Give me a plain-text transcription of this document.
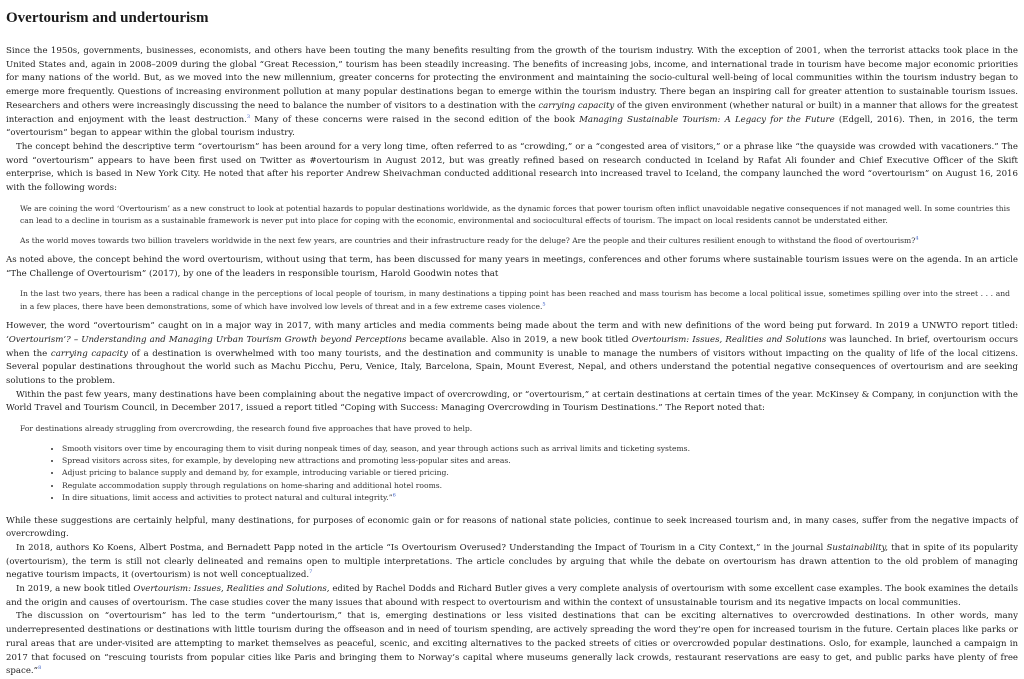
Overtourism and undertourism

Since the 1950s, governments, businesses, economists, and others have been touting the many benefits resulting from the growth of the tourism industry. With the exception of 2001, when the terrorist attacks took place in the United States and, again in 2008–2009 during the global “Great Recession,” tourism has been steadily increasing. The benefits of increasing jobs, income, and international trade in tourism have become major economic priorities for many nations of the world. But, as we moved into the new millennium, greater concerns for protecting the environment and maintaining the socio-cultural well-being of local communities within the tourism industry began to emerge more frequently. Questions of increasing environment pollution at many popular destinations began to emerge within the tourism industry. There began an inspiring call for greater attention to sustainable tourism issues. Researchers and others were increasingly discussing the need to balance the number of visitors to a destination with the carrying capacity of the given environment (whether natural or built) in a manner that allows for the greatest interaction and enjoyment with the least destruction.$^3$ Many of these concerns were raised in the second edition of the book Managing Sustainable Tourism: A Legacy for the Future (Edgell, 2016). Then, in 2016, the term “overtourism” began to appear within the global tourism industry.

The concept behind the descriptive term “overtourism” has been around for a very long time, often referred to as “crowding,” or a “congested area of visitors,” or a phrase like “the quayside was crowded with vacationers.” The word “overtourism” appears to have been first used on Twitter as #overtourism in August 2012, but was greatly refined based on research conducted in Iceland by Rafat Ali founder and Chief Executive Officer of the Skift enterprise, which is based in New York City. He noted that after his reporter Andrew Sheivachman conducted additional research into increased travel to Iceland, the company launched the word “overtourism” on August 16, 2016 with the following words:

We are coining the word ‘Overtourism’ as a new construct to look at potential hazards to popular destinations worldwide, as the dynamic forces that power tourism often inflict unavoidable negative consequences if not managed well. In some countries this can lead to a decline in tourism as a sustainable framework is never put into place for coping with the economic, environmental and sociocultural effects of tourism. The impact on local residents cannot be understated either.
As the world moves towards two billion travelers worldwide in the next few years, are countries and their infrastructure ready for the deluge? Are the people and their cultures resilient enough to withstand the flood of overtourism?$^4$

As noted above, the concept behind the word overtourism, without using that term, has been discussed for many years in meetings, conferences and other forums where sustainable tourism issues were on the agenda. In an article “The Challenge of Overtourism” (2017), by one of the leaders in responsible tourism, Harold Goodwin notes that

In the last two years, there has been a radical change in the perceptions of local people of tourism, in many destinations a tipping point has been reached and mass tourism has become a local political issue, sometimes spilling over into the street . . . and in a few places, there have been demonstrations, some of which have involved low levels of threat and in a few extreme cases violence.$^5$

However, the word “overtourism” caught on in a major way in 2017, with many articles and media comments being made about the term and with new definitions of the word being put forward. In 2019 a UNWTO report titled: ‘Overtourism’? – Understanding and Managing Urban Tourism Growth beyond Perceptions became available. Also in 2019, a new book titled Overtourism: Issues, Realities and Solutions was launched. In brief, overtourism occurs when the carrying capacity of a destination is overwhelmed with too many tourists, and the destination and community is unable to manage the numbers of visitors without impacting on the quality of life of the local citizens. Several popular destinations throughout the world such as Machu Picchu, Peru, Venice, Italy, Barcelona, Spain, Mount Everest, Nepal, and others understand the potential negative consequences of overtourism and are seeking solutions to the problem.

Within the past few years, many destinations have been complaining about the negative impact of overcrowding, or “overtourism,” at certain destinations at certain times of the year. McKinsey & Company, in conjunction with the World Travel and Tourism Council, in December 2017, issued a report titled “Coping with Success: Managing Overcrowding in Tourism Destinations.” The Report noted that:

For destinations already struggling from overcrowding, the research found five approaches that have proved to help.
• Smooth visitors over time by encouraging them to visit during nonpeak times of day, season, and year through actions such as arrival limits and ticketing systems.
• Spread visitors across sites, for example, by developing new attractions and promoting less-popular sites and areas.
• Adjust pricing to balance supply and demand by, for example, introducing variable or tiered pricing.
• Regulate accommodation supply through regulations on home-sharing and additional hotel rooms.
• In dire situations, limit access and activities to protect natural and cultural integrity.”$^6$

While these suggestions are certainly helpful, many destinations, for purposes of economic gain or for reasons of national state policies, continue to seek increased tourism and, in many cases, suffer from the negative impacts of overcrowding.

In 2018, authors Ko Koens, Albert Postma, and Bernadett Papp noted in the article “Is Overtourism Overused? Understanding the Impact of Tourism in a City Context,” in the journal Sustainability, that in spite of its popularity (overtourism), the term is still not clearly delineated and remains open to multiple interpretations. The article concludes by arguing that while the debate on overtourism has drawn attention to the old problem of managing negative tourism impacts, it (overtourism) is not well conceptualized.$^7$

In 2019, a new book titled Overtourism: Issues, Realities and Solutions, edited by Rachel Dodds and Richard Butler gives a very complete analysis of overtourism with some excellent case examples. The book examines the details and the origin and causes of overtourism. The case studies cover the many issues that abound with respect to overtourism and within the context of unsustainable tourism and its negative impacts on local communities.

The discussion on “overtourism” has led to the term “undertourism,” that is, emerging destinations or less visited destinations that can be exciting alternatives to overcrowded destinations. In other words, many underrepresented destinations or destinations with little tourism during the offseason and in need of tourism spending, are actively spreading the word they’re open for increased tourism in the future. Certain places like parks or rural areas that are under-visited are attempting to market themselves as peaceful, scenic, and exciting alternatives to the packed streets of cities or overcrowded popular destinations. Oslo, for example, launched a campaign in 2017 that focused on “rescuing tourists from popular cities like Paris and bringing them to Norway’s capital where museums generally lack crowds, restaurant reservations are easy to get, and public parks have plenty of free space.”$^8$
